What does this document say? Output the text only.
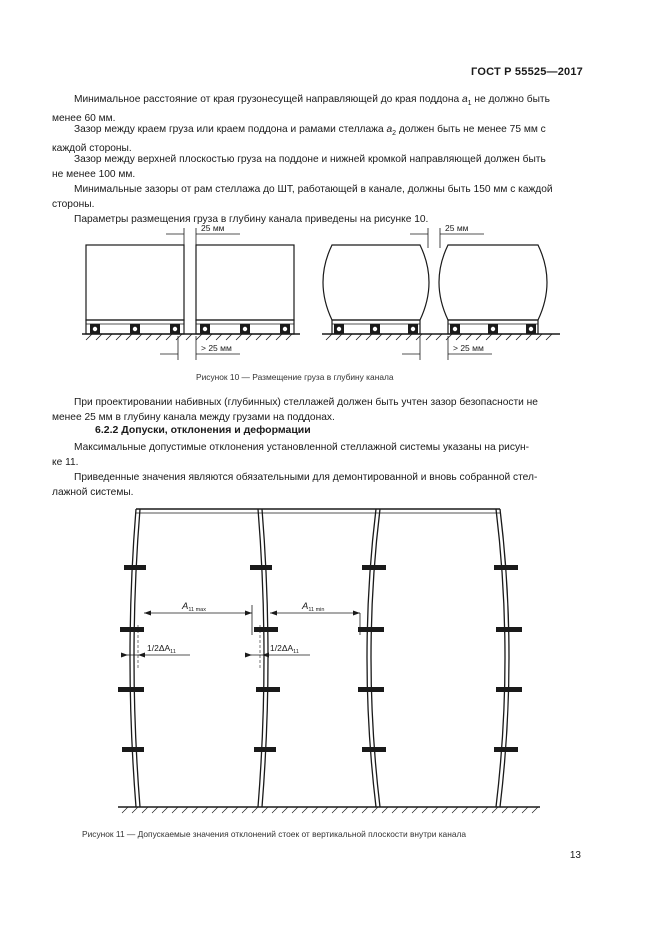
ГОСТ Р 55525—2017

Минимальное расстояние от края грузонесущей направляющей до края поддона $a_1$ не должно быть
менее 60 мм.

Зазор между краем груза или краем поддона и рамами стеллажа $a_2$ должен быть не менее 75 мм с
каждой стороны.

Зазор между верхней плоскостью груза на поддоне и нижней кромкой направляющей должен быть
не менее 100 мм.

Минимальные зазоры от рам стеллажа до ШТ, работающей в канале, должны быть 150 мм с каждой
стороны.

Параметры размещения груза в глубину канала приведены на рисунке 10.

25 мм	25 мм
> 25 мм	> 25 мм
Рисунок 10 — Размещение груза в глубину канала

При проектировании набивных (глубинных) стеллажей должен быть учтен зазор безопасности не
менее 25 мм в глубину канала между грузами на поддонах.

6.2.2 Допуски, отклонения и деформации

Максимальные допустимые отклонения установленной стеллажной системы указаны на рисун-
ке 11.

Приведенные значения являются обязательными для демонтированной и вновь собранной стел-
лажной системы.

$A_{11 max}$	$A_{11 min}$
$1/2\Delta A_{11}$	$1/2\Delta A_{11}$
Рисунок 11 — Допускаемые значения отклонений стоек от вертикальной плоскости внутри канала
13
